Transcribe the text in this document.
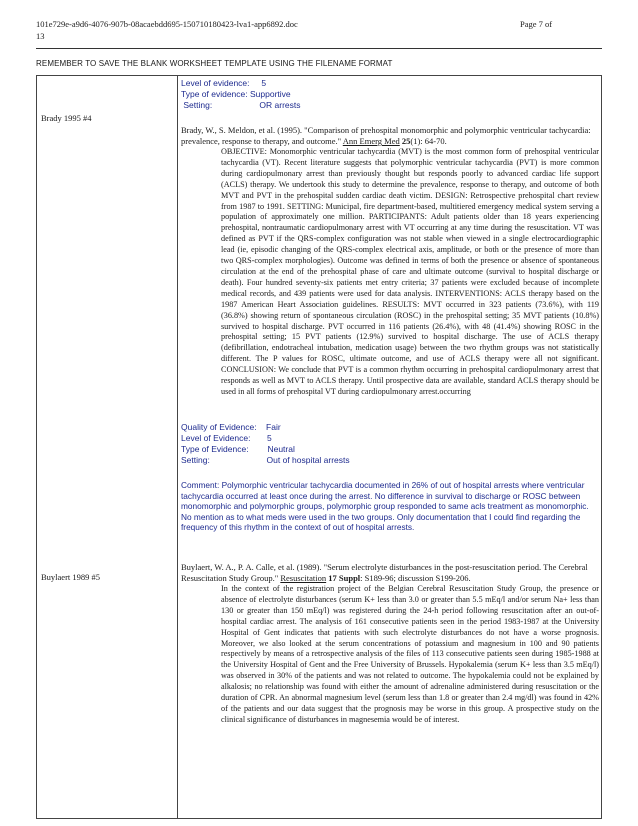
101e729e-a9d6-4076-907b-08acaebdd695-150710180423-lva1-app6892.doc	Page 7 of
13
REMEMBER TO SAVE THE BLANK WORKSHEET TEMPLATE USING THE FILENAME FORMAT
Brady 1995 #4
Buylaert 1989 #5
Level of evidence:     5
Type of evidence: Supportive
Setting:                    OR arrests
Brady, W., S. Meldon, et al. (1995). "Comparison of prehospital monomorphic and polymorphic ventricular tachycardia: prevalence, response to therapy, and outcome." Ann Emerg Med 25(1): 64-70.
OBJECTIVE: Monomorphic ventricular tachycardia (MVT) is the most common form of prehospital ventricular tachycardia (VT). Recent literature suggests that polymorphic ventricular tachycardia (PVT) is more common during cardiopulmonary arrest than previously thought but responds poorly to advanced cardiac life support (ACLS) therapy. We undertook this study to determine the prevalence, response to therapy, and outcome of both MVT and PVT in the prehospital sudden cardiac death victim. DESIGN: Retrospective prehospital chart review from 1987 to 1991. SETTING: Municipal, fire department-based, multitiered emergency medical system serving a population of approximately one million. PARTICIPANTS: Adult patients older than 18 years experiencing prehospital, nontraumatic cardiopulmonary arrest with VT occurring at any time during the resuscitation. VT was defined as PVT if the QRS-complex configuration was not stable when viewed in a single electrocardiographic lead (ie, episodic changing of the QRS-complex electrical axis, amplitude, or both or the presence of more than two QRS-complex morphologies). Outcome was defined in terms of both the presence or absence of spontaneous circulation at the end of the prehospital phase of care and ultimate outcome (survival to hospital discharge or death). Four hundred seventy-six patients met entry criteria; 37 patients were excluded because of incomplete medical records, and 439 patients were used for data analysis. INTERVENTIONS: ACLS therapy based on the 1987 American Heart Association guidelines. RESULTS: MVT occurred in 323 patients (73.6%), with 119 (36.8%) showing return of spontaneous circulation (ROSC) in the prehospital setting; 35 MVT patients (10.8%) survived to hospital discharge. PVT occurred in 116 patients (26.4%), with 48 (41.4%) showing ROSC in the prehospital setting; 15 PVT patients (12.9%) survived to hospital discharge. The use of ACLS therapy (defibrillation, endotracheal intubation, medication usage) between the two rhythm groups was not statistically different. The P values for ROSC, ultimate outcome, and use of ACLS therapy were all not significant. CONCLUSION: We conclude that PVT is a common rhythm occurring in prehospital cardiopulmonary arrest that responds as well as MVT to ACLS therapy. Until prospective data are available, standard ACLS therapy should be used in all forms of prehospital VT during cardiopulmonary arrest.occurring
Quality of Evidence:    Fair
Level of Evidence:       5
Type of Evidence:        Neutral
Setting:                        Out of hospital arrests
Comment: Polymorphic ventricular tachycardia documented in 26% of out of hospital arrests where ventricular tachycardia occurred at least once during the arrest. No difference in survival to discharge or ROSC between monomorphic and polymorphic groups, polymorphic group responded to same acls treatment as monomorphic. No mention as to what meds were used in the two groups. Only documentation that I could find regarding the frequency of this rhythm in the context of out of hospital arrests.
Buylaert, W. A., P. A. Calle, et al. (1989). "Serum electrolyte disturbances in the post-resuscitation period. The Cerebral Resuscitation Study Group." Resuscitation 17 Suppl: S189-96; discussion S199-206.
In the context of the registration project of the Belgian Cerebral Resuscitation Study Group, the presence or absence of electrolyte disturbances (serum K+ less than 3.0 or greater than 5.5 mEq/l and/or serum Na+ less than 130 or greater than 150 mEq/l) was registered during the 24-h period following resuscitation after an out-of-hospital cardiac arrest. The analysis of 161 consecutive patients seen in the period 1983-1987 at the University Hospital of Gent indicates that patients with such electrolyte disturbances do not have a worse prognosis. Moreover, we also looked at the serum concentrations of potassium and magnesium in 100 and 90 patients respectively by means of a retrospective analysis of the files of 113 consecutive patients seen during 1985-1988 at the University Hospital of Gent and the Free University of Brussels. Hypokalemia (serum K+ less than 3.5 mEq/l) was observed in 30% of the patients and was not related to outcome. The hypokalemia could not be explained by alkalosis; no relationship was found with either the amount of adrenaline administered during resuscitation or the duration of CPR. An abnormal magnesium level (serum less than 1.8 or greater than 2.4 mg/dl) was found in 42% of the patients and our data suggest that the prognosis may be worse in this group. A prospective study on the clinical significance of disturbances in magnesemia would be of interest.
